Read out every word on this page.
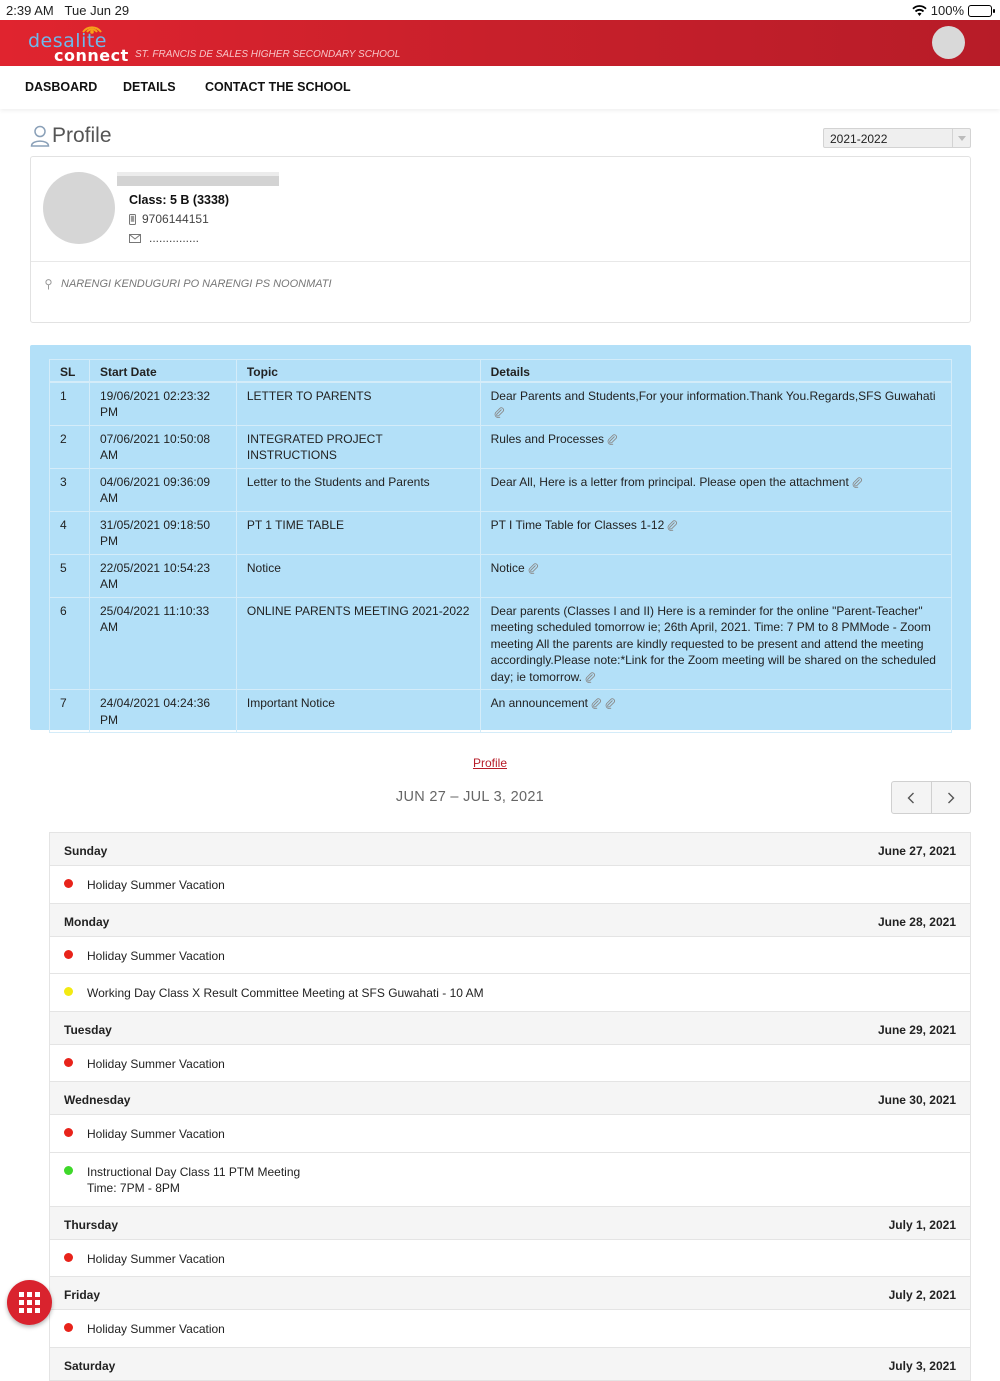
2:39 AM Tue Jun 29	100%
desalite
connect ST. FRANCIS DE SALES HIGHER SECONDARY SCHOOL
DASBOARD DETAILS CONTACT THE SCHOOL
Profile	2021-2022
Class: 5 B (3338)
9706144151
...............
NARENGI KENDUGURI PO NARENGI PS NOONMATI
SL	Start Date	Topic	Details
1	19/06/2021 02:23:32 PM	LETTER TO PARENTS	Dear Parents and Students,For your information.Thank You.Regards,SFS Guwahati
2	07/06/2021 10:50:08 AM	INTEGRATED PROJECT INSTRUCTIONS	Rules and Processes
3	04/06/2021 09:36:09 AM	Letter to the Students and Parents	Dear All, Here is a letter from principal. Please open the attachment
4	31/05/2021 09:18:50 PM	PT 1 TIME TABLE	PT I Time Table for Classes 1-12
5	22/05/2021 10:54:23 AM	Notice	Notice
6	25/04/2021 11:10:33 AM	ONLINE PARENTS MEETING 2021-2022	Dear parents (Classes I and II) Here is a reminder for the online "Parent-Teacher" meeting scheduled tomorrow ie; 26th April, 2021. Time: 7 PM to 8 PMMode - Zoom meeting All the parents are kindly requested to be present and attend the meeting accordingly.Please note:*Link for the Zoom meeting will be shared on the scheduled day; ie tomorrow.
7	24/04/2021 04:24:36 PM	Important Notice	An announcement
Profile
JUN 27 – JUL 3, 2021
Sunday	June 27, 2021
Holiday Summer Vacation
Monday	June 28, 2021
Holiday Summer Vacation
Working Day Class X Result Committee Meeting at SFS Guwahati - 10 AM
Tuesday	June 29, 2021
Holiday Summer Vacation
Wednesday	June 30, 2021
Holiday Summer Vacation
Instructional Day Class 11 PTM Meeting
Time: 7PM - 8PM
Thursday	July 1, 2021
Holiday Summer Vacation
Friday	July 2, 2021
Holiday Summer Vacation
Saturday	July 3, 2021
